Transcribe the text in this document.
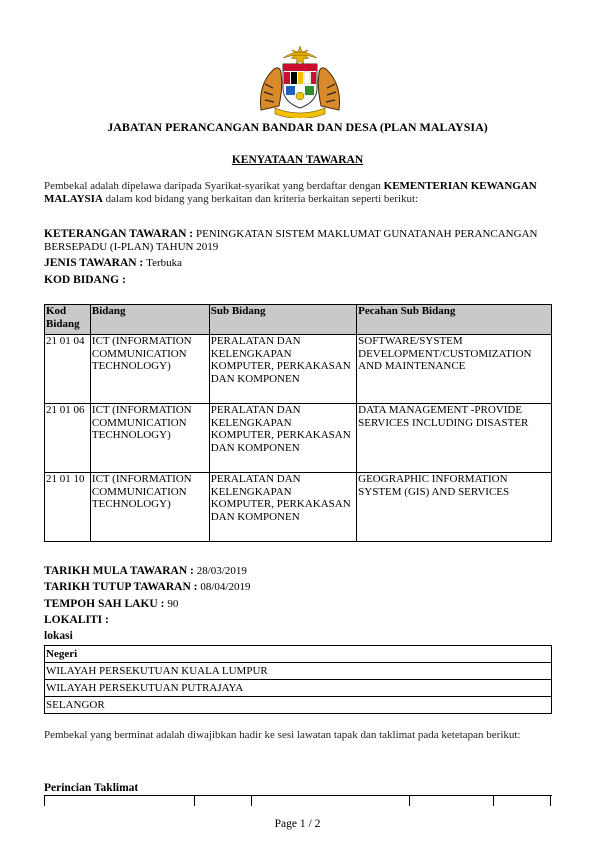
JABATAN PERANCANGAN BANDAR DAN DESA (PLAN MALAYSIA)
KENYATAAN TAWARAN
Pembekal adalah dipelawa daripada Syarikat-syarikat yang berdaftar dengan KEMENTERIAN KEWANGAN MALAYSIA dalam kod bidang yang berkaitan dan kriteria berkaitan seperti berikut:
KETERANGAN TAWARAN : PENINGKATAN SISTEM MAKLUMAT GUNATANAH PERANCANGAN BERSEPADU (I-PLAN) TAHUN 2019
JENIS TAWARAN : Terbuka
KOD BIDANG :
Kod Bidang	Bidang	Sub Bidang	Pecahan Sub Bidang
21 01 04	ICT (INFORMATION COMMUNICATION TECHNOLOGY)	PERALATAN DAN KELENGKAPAN KOMPUTER, PERKAKASAN DAN KOMPONEN	SOFTWARE/SYSTEM DEVELOPMENT/CUSTOMIZATION AND MAINTENANCE
21 01 06	ICT (INFORMATION COMMUNICATION TECHNOLOGY)	PERALATAN DAN KELENGKAPAN KOMPUTER, PERKAKASAN DAN KOMPONEN	DATA MANAGEMENT -PROVIDE SERVICES INCLUDING DISASTER
21 01 10	ICT (INFORMATION COMMUNICATION TECHNOLOGY)	PERALATAN DAN KELENGKAPAN KOMPUTER, PERKAKASAN DAN KOMPONEN	GEOGRAPHIC INFORMATION SYSTEM (GIS) AND SERVICES
TARIKH MULA TAWARAN : 28/03/2019
TARIKH TUTUP TAWARAN : 08/04/2019
TEMPOH SAH LAKU : 90
LOKALITI :
lokasi
Negeri
WILAYAH PERSEKUTUAN KUALA LUMPUR
WILAYAH PERSEKUTUAN PUTRAJAYA
SELANGOR
Pembekal yang berminat adalah diwajibkan hadir ke sesi lawatan tapak dan taklimat pada ketetapan berikut:
Perincian Taklimat
Page 1 / 2
